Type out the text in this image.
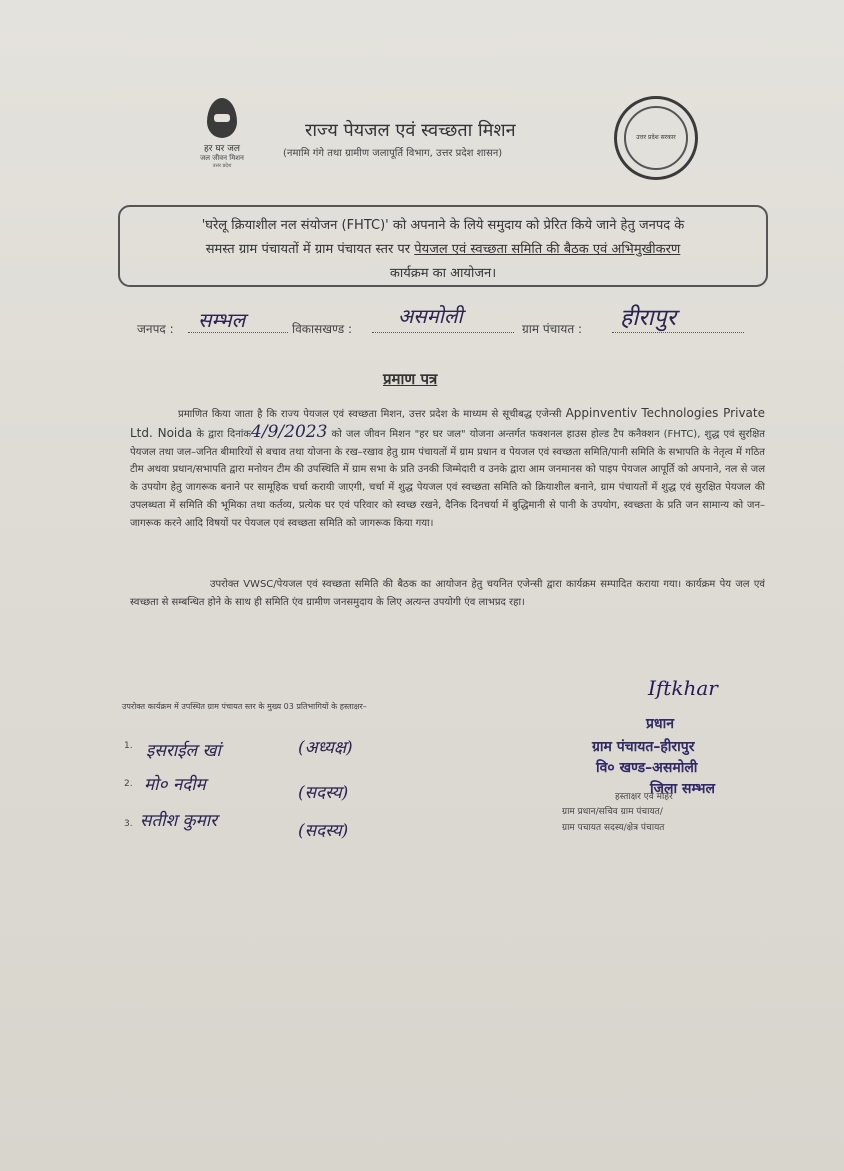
हर घर जल
जल जीवन मिशन
उत्तर प्रदेश
राज्य पेयजल एवं स्वच्छता मिशन
(नमामि गंगे तथा ग्रामीण जलापूर्ति विभाग, उत्तर प्रदेश शासन)
उत्तर प्रदेश सरकार
'घरेलू क्रियाशील नल संयोजन (FHTC)' को अपनाने के लिये समुदाय को प्रेरित किये जाने हेतु जनपद के
समस्त ग्राम पंचायतों में ग्राम पंचायत स्तर पर पेयजल एवं स्वच्छता समिति की बैठक एवं अभिमुखीकरण
कार्यक्रम का आयोजन।
जनपद : सम्भल	विकासखण्ड :
असमोली
ग्राम पंचायत : हीरापुर
प्रमाण पत्र
प्रमाणित किया जाता है कि राज्य पेयजल एवं स्वच्छता मिशन, उत्तर प्रदेश के माध्यम से सूचीबद्ध एजेन्सी Appinventiv Technologies Private Ltd. Noida के द्वारा दिनांक4/9/2023 को जल जीवन मिशन "हर घर जल" योजना अन्तर्गत फक्शनल हाउस होल्ड टैप कनैक्शन (FHTC), शुद्ध एवं सुरक्षित पेयजल तथा जल–जनित बीमारियों से बचाव तथा योजना के रख–रखाव हेतु ग्राम पंचायतों में ग्राम प्रधान व पेयजल एवं स्वच्छता समिति/पानी समिति के सभापति के नेतृत्व में गठित टीम अथवा प्रधान/सभापति द्वारा मनोयन टीम की उपस्थिति में ग्राम सभा के प्रति उनकी जिम्मेदारी व उनके द्वारा आम जनमानस को पाइप पेयजल आपूर्ति को अपनाने, नल से जल के उपयोग हेतु जागरूक बनाने पर सामूहिक चर्चा करायी जाएगी, चर्चा में शुद्ध पेयजल एवं स्वच्छता समिति को क्रियाशील बनाने, ग्राम पंचायतों में शुद्ध एवं सुरक्षित पेयजल की उपलब्धता में समिति की भूमिका तथा कर्तव्य, प्रत्येक घर एवं परिवार को स्वच्छ रखने, दैनिक दिनचर्या में बुद्धिमानी से पानी के उपयोग, स्वच्छता के प्रति जन सामान्य को जन–जागरूक करने आदि विषयों पर पेयजल एवं स्वच्छता समिति को जागरूक किया गया।
उपरोक्त VWSC/पेयजल एवं स्वच्छता समिति की बैठक का आयोजन हेतु चयनित एजेन्सी द्वारा कार्यक्रम सम्पादित कराया गया। कार्यक्रम पेय जल एवं स्वच्छता से सम्बन्धित होने के साथ ही समिति एंव ग्रामीण जनसमुदाय के लिए अत्यन्त उपयोगी एंव लाभप्रद रहा।
उपरोक्त कार्यक्रम में उपस्थित ग्राम पंचायत स्तर के मुख्य 03 प्रतिभागियों के हस्ताक्षर–
1. इसराईल खां	(अध्यक्ष)
2. मो० नदीम	(सदस्य)
3. सतीश कुमार	(सदस्य)
Iftkhar
प्रधान
ग्राम पंचायत–हीरापुर
वि० खण्ड–असमोली
जिला सम्भल
हस्ताक्षर एवं मोहर
ग्राम प्रधान/सचिव ग्राम पंचायत/
ग्राम पचायत सदस्य/क्षेत्र पंचायत
